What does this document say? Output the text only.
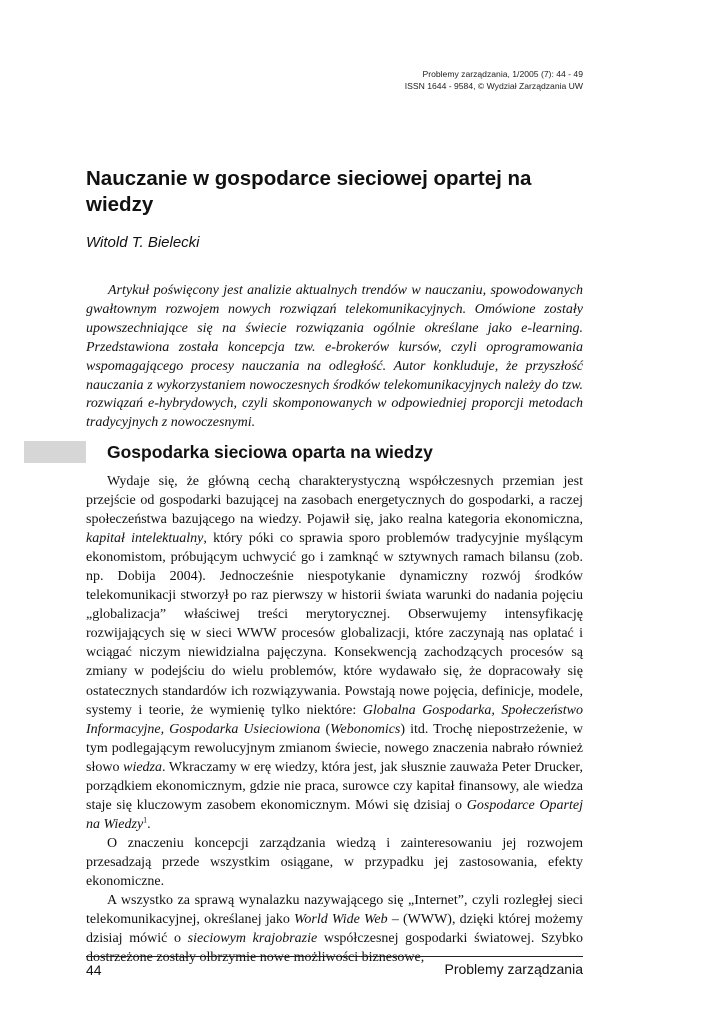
Problemy zarządzania, 1/2005 (7): 44 - 49
ISSN 1644 - 9584, © Wydział Zarządzania UW
Nauczanie w gospodarce sieciowej opartej na wiedzy

Witold T. Bielecki

Artykuł poświęcony jest analizie aktualnych trendów w nauczaniu, spowodowanych gwałtownym rozwojem nowych rozwiązań telekomunikacyjnych. Omówione zostały upowszechniające się na świecie rozwiązania ogólnie określane jako e-learning. Przedstawiona została koncepcja tzw. e-brokerów kursów, czyli oprogramowania wspomagającego procesy nauczania na odległość. Autor konkluduje, że przyszłość nauczania z wykorzystaniem nowoczesnych środków telekomunikacyjnych należy do tzw. rozwiązań e-hybrydowych, czyli skomponowanych w odpowiedniej proporcji metodach tradycyjnych z nowoczesnymi.

Gospodarka sieciowa oparta na wiedzy

Wydaje się, że główną cechą charakterystyczną współczesnych przemian jest przejście od gospodarki bazującej na zasobach energetycznych do gospodarki, a raczej społeczeństwa bazującego na wiedzy. Pojawił się, jako realna kategoria ekonomiczna, kapitał intelektualny, który póki co sprawia sporo problemów tradycyjnie myślącym ekonomistom, próbującym uchwycić go i zamknąć w sztywnych ramach bilansu (zob. np. Dobija 2004). Jednocześnie niespotykanie dynamiczny rozwój środków telekomunikacji stworzył po raz pierwszy w historii świata warunki do nadania pojęciu „globalizacja” właściwej treści merytorycznej. Obserwujemy intensyfikację rozwijających się w sieci WWW procesów globalizacji, które zaczynają nas oplatać i wciągać niczym niewidzialna pajęczyna. Konsekwencją zachodzących procesów są zmiany w podejściu do wielu problemów, które wydawało się, że dopracowały się ostatecznych standardów ich rozwiązywania. Powstają nowe pojęcia, definicje, modele, systemy i teorie, że wymienię tylko niektóre: Globalna Gospodarka, Społeczeństwo Informacyjne, Gospodarka Usieciowiona (Webonomics) itd. Trochę niepostrzeżenie, w tym podlegającym rewolucyjnym zmianom świecie, nowego znaczenia nabrało również słowo wiedza. Wkraczamy w erę wiedzy, która jest, jak słusznie zauważa Peter Drucker, porządkiem ekonomicznym, gdzie nie praca, surowce czy kapitał finansowy, ale wiedza staje się kluczowym zasobem ekonomicznym. Mówi się dzisiaj o Gospodarce Opartej na Wiedzy$^1$.

O znaczeniu koncepcji zarządzania wiedzą i zainteresowaniu jej rozwojem przesadzają przede wszystkim osiągane, w przypadku jej zastosowania, efekty ekonomiczne.

A wszystko za sprawą wynalazku nazywającego się „Internet”, czyli rozległej sieci telekomunikacyjnej, określanej jako World Wide Web – (WWW), dzięki której możemy dzisiaj mówić o sieciowym krajobrazie współczesnej gospodarki światowej. Szybko dostrzeżone zostały olbrzymie nowe możliwości biznesowe,

44	Problemy zarządzania
